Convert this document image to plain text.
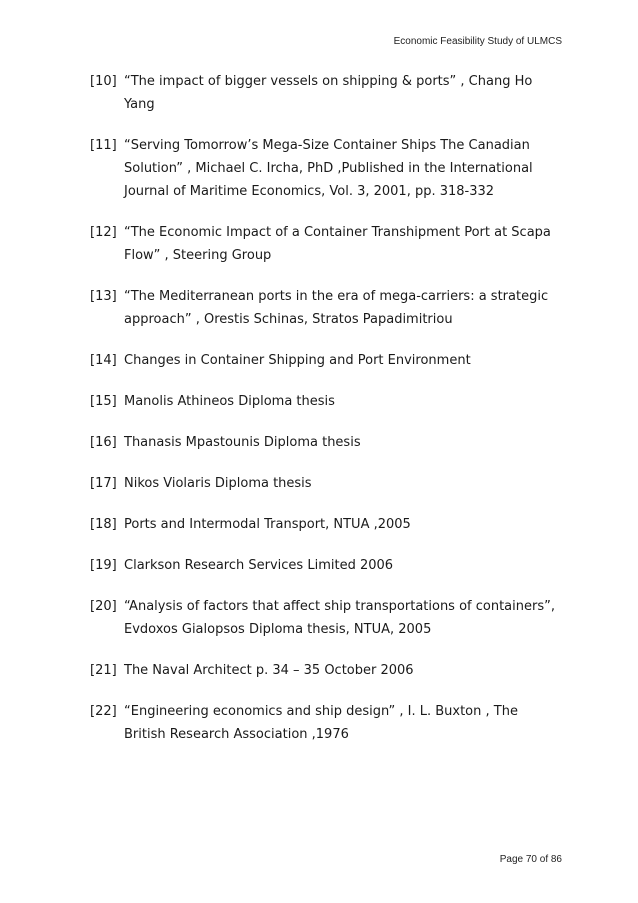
Economic Feasibility Study of ULMCS

[10] “The impact of bigger vessels on shipping & ports” , Chang Ho Yang
[11] “Serving Tomorrow’s Mega-Size Container Ships The Canadian Solution” , Michael C. Ircha, PhD ,Published in the International Journal of Maritime Economics, Vol. 3, 2001, pp. 318-332
[12] “The Economic Impact of a Container Transhipment Port at Scapa Flow” , Steering Group
[13] “The Mediterranean ports in the era of mega-carriers: a strategic approach” , Orestis Schinas, Stratos Papadimitriou
[14] Changes in Container Shipping and Port Environment
[15] Manolis Athineos Diploma thesis
[16] Thanasis Mpastounis Diploma thesis
[17] Nikos Violaris Diploma thesis
[18] Ports and Intermodal Transport, NTUA ,2005
[19] Clarkson Research Services Limited 2006
[20] “Analysis of factors that affect ship transportations of containers”, Evdoxos Gialopsos Diploma thesis, NTUA, 2005
[21] The Naval Architect p. 34 – 35 October 2006
[22] “Engineering economics and ship design” , I. L. Buxton , The British Research Association ,1976

Page 70 of 86
